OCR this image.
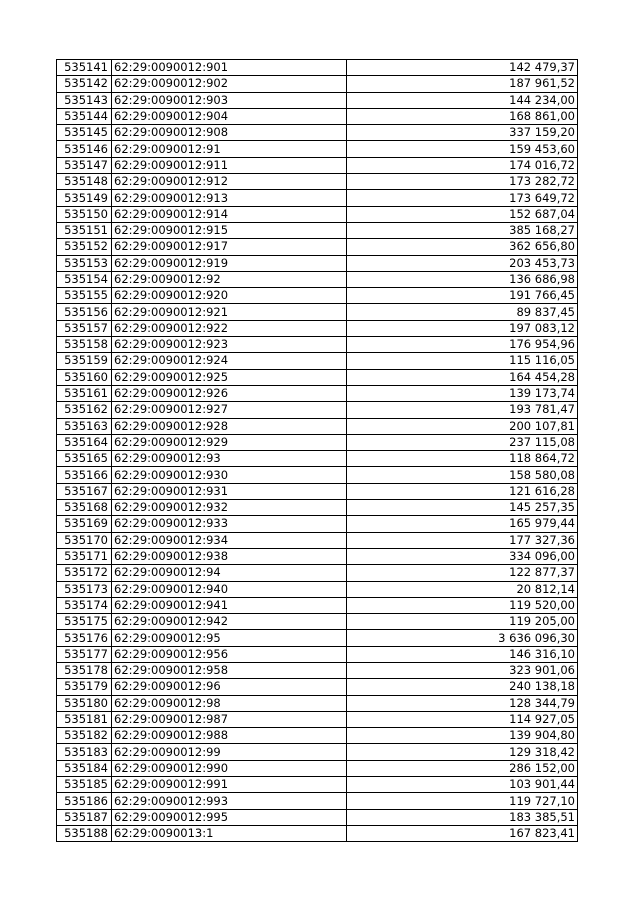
535141	62:29:0090012:901	142 479,37
535142	62:29:0090012:902	187 961,52
535143	62:29:0090012:903	144 234,00
535144	62:29:0090012:904	168 861,00
535145	62:29:0090012:908	337 159,20
535146	62:29:0090012:91	159 453,60
535147	62:29:0090012:911	174 016,72
535148	62:29:0090012:912	173 282,72
535149	62:29:0090012:913	173 649,72
535150	62:29:0090012:914	152 687,04
535151	62:29:0090012:915	385 168,27
535152	62:29:0090012:917	362 656,80
535153	62:29:0090012:919	203 453,73
535154	62:29:0090012:92	136 686,98
535155	62:29:0090012:920	191 766,45
535156	62:29:0090012:921	89 837,45
535157	62:29:0090012:922	197 083,12
535158	62:29:0090012:923	176 954,96
535159	62:29:0090012:924	115 116,05
535160	62:29:0090012:925	164 454,28
535161	62:29:0090012:926	139 173,74
535162	62:29:0090012:927	193 781,47
535163	62:29:0090012:928	200 107,81
535164	62:29:0090012:929	237 115,08
535165	62:29:0090012:93	118 864,72
535166	62:29:0090012:930	158 580,08
535167	62:29:0090012:931	121 616,28
535168	62:29:0090012:932	145 257,35
535169	62:29:0090012:933	165 979,44
535170	62:29:0090012:934	177 327,36
535171	62:29:0090012:938	334 096,00
535172	62:29:0090012:94	122 877,37
535173	62:29:0090012:940	20 812,14
535174	62:29:0090012:941	119 520,00
535175	62:29:0090012:942	119 205,00
535176	62:29:0090012:95	3 636 096,30
535177	62:29:0090012:956	146 316,10
535178	62:29:0090012:958	323 901,06
535179	62:29:0090012:96	240 138,18
535180	62:29:0090012:98	128 344,79
535181	62:29:0090012:987	114 927,05
535182	62:29:0090012:988	139 904,80
535183	62:29:0090012:99	129 318,42
535184	62:29:0090012:990	286 152,00
535185	62:29:0090012:991	103 901,44
535186	62:29:0090012:993	119 727,10
535187	62:29:0090012:995	183 385,51
535188	62:29:0090013:1	167 823,41
